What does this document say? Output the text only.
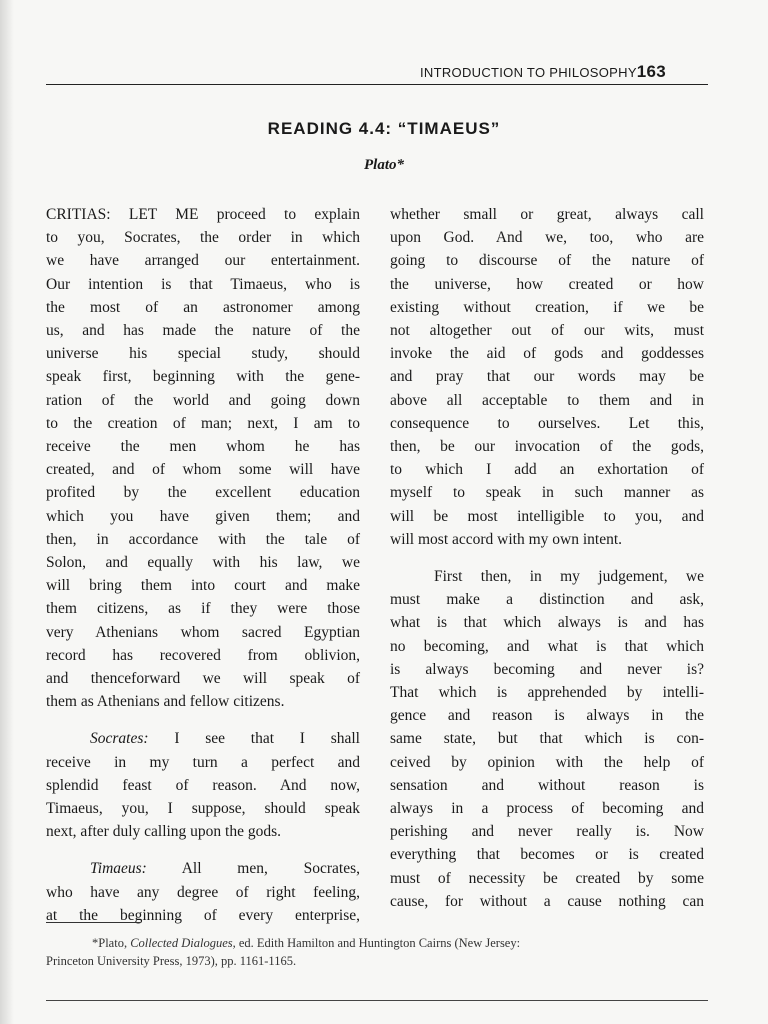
INTRODUCTION TO PHILOSOPHY163
READING 4.4: “TIMAEUS”
Plato*
CRITIAS: LET ME proceed to explain
to you, Socrates, the order in which
we have arranged our entertainment.
Our intention is that Timaeus, who is
the most of an astronomer among
us, and has made the nature of the
universe his special study, should
speak first, beginning with the gene-
ration of the world and going down
to the creation of man; next, I am to
receive the men whom he has
created, and of whom some will have
profited by the excellent education
which you have given them; and
then, in accordance with the tale of
Solon, and equally with his law, we
will bring them into court and make
them citizens, as if they were those
very Athenians whom sacred Egyptian
record has recovered from oblivion,
and thenceforward we will speak of
them as Athenians and fellow citizens.
Socrates: I see that I shall
receive in my turn a perfect and
splendid feast of reason. And now,
Timaeus, you, I suppose, should speak
next, after duly calling upon the gods.
Timaeus: All men, Socrates,
who have any degree of right feeling,
at the beginning of every enterprise,
whether small or great, always call
upon God. And we, too, who are
going to discourse of the nature of
the universe, how created or how
existing without creation, if we be
not altogether out of our wits, must
invoke the aid of gods and goddesses
and pray that our words may be
above all acceptable to them and in
consequence to ourselves. Let this,
then, be our invocation of the gods,
to which I add an exhortation of
myself to speak in such manner as
will be most intelligible to you, and
will most accord with my own intent.
First then, in my judgement, we
must make a distinction and ask,
what is that which always is and has
no becoming, and what is that which
is always becoming and never is?
That which is apprehended by intelli-
gence and reason is always in the
same state, but that which is con-
ceived by opinion with the help of
sensation and without reason is
always in a process of becoming and
perishing and never really is. Now
everything that becomes or is created
must of necessity be created by some
cause, for without a cause nothing can
*Plato, Collected Dialogues, ed. Edith Hamilton and Huntington Cairns (New Jersey:
Princeton University Press, 1973), pp. 1161-1165.
